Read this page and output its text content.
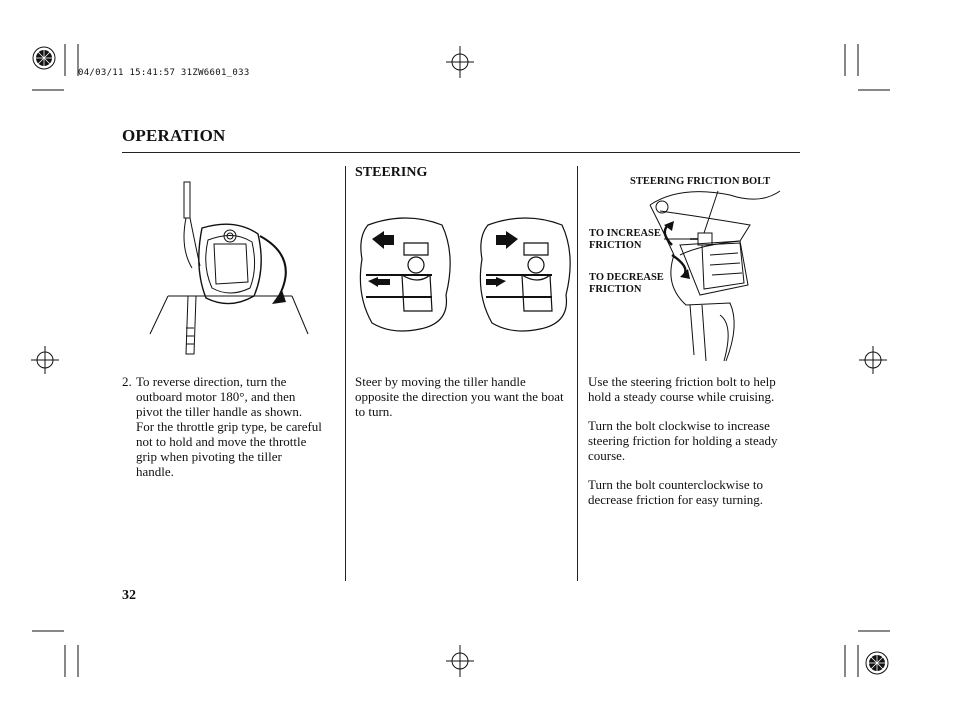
04/03/11 15:41:57 31ZW6601_033
OPERATION
STEERING
STEERING FRICTION BOLT
TO INCREASE
FRICTION
TO DECREASE
FRICTION
2. To reverse direction, turn the outboard motor 180°, and then pivot the tiller handle as shown. For the throttle grip type, be careful not to hold and move the throttle grip when pivoting the tiller handle.
Steer by moving the tiller handle opposite the direction you want the boat to turn.
Use the steering friction bolt to help hold a steady course while cruising.
Turn the bolt clockwise to increase steering friction for holding a steady course.
Turn the bolt counterclockwise to decrease friction for easy turning.
32
